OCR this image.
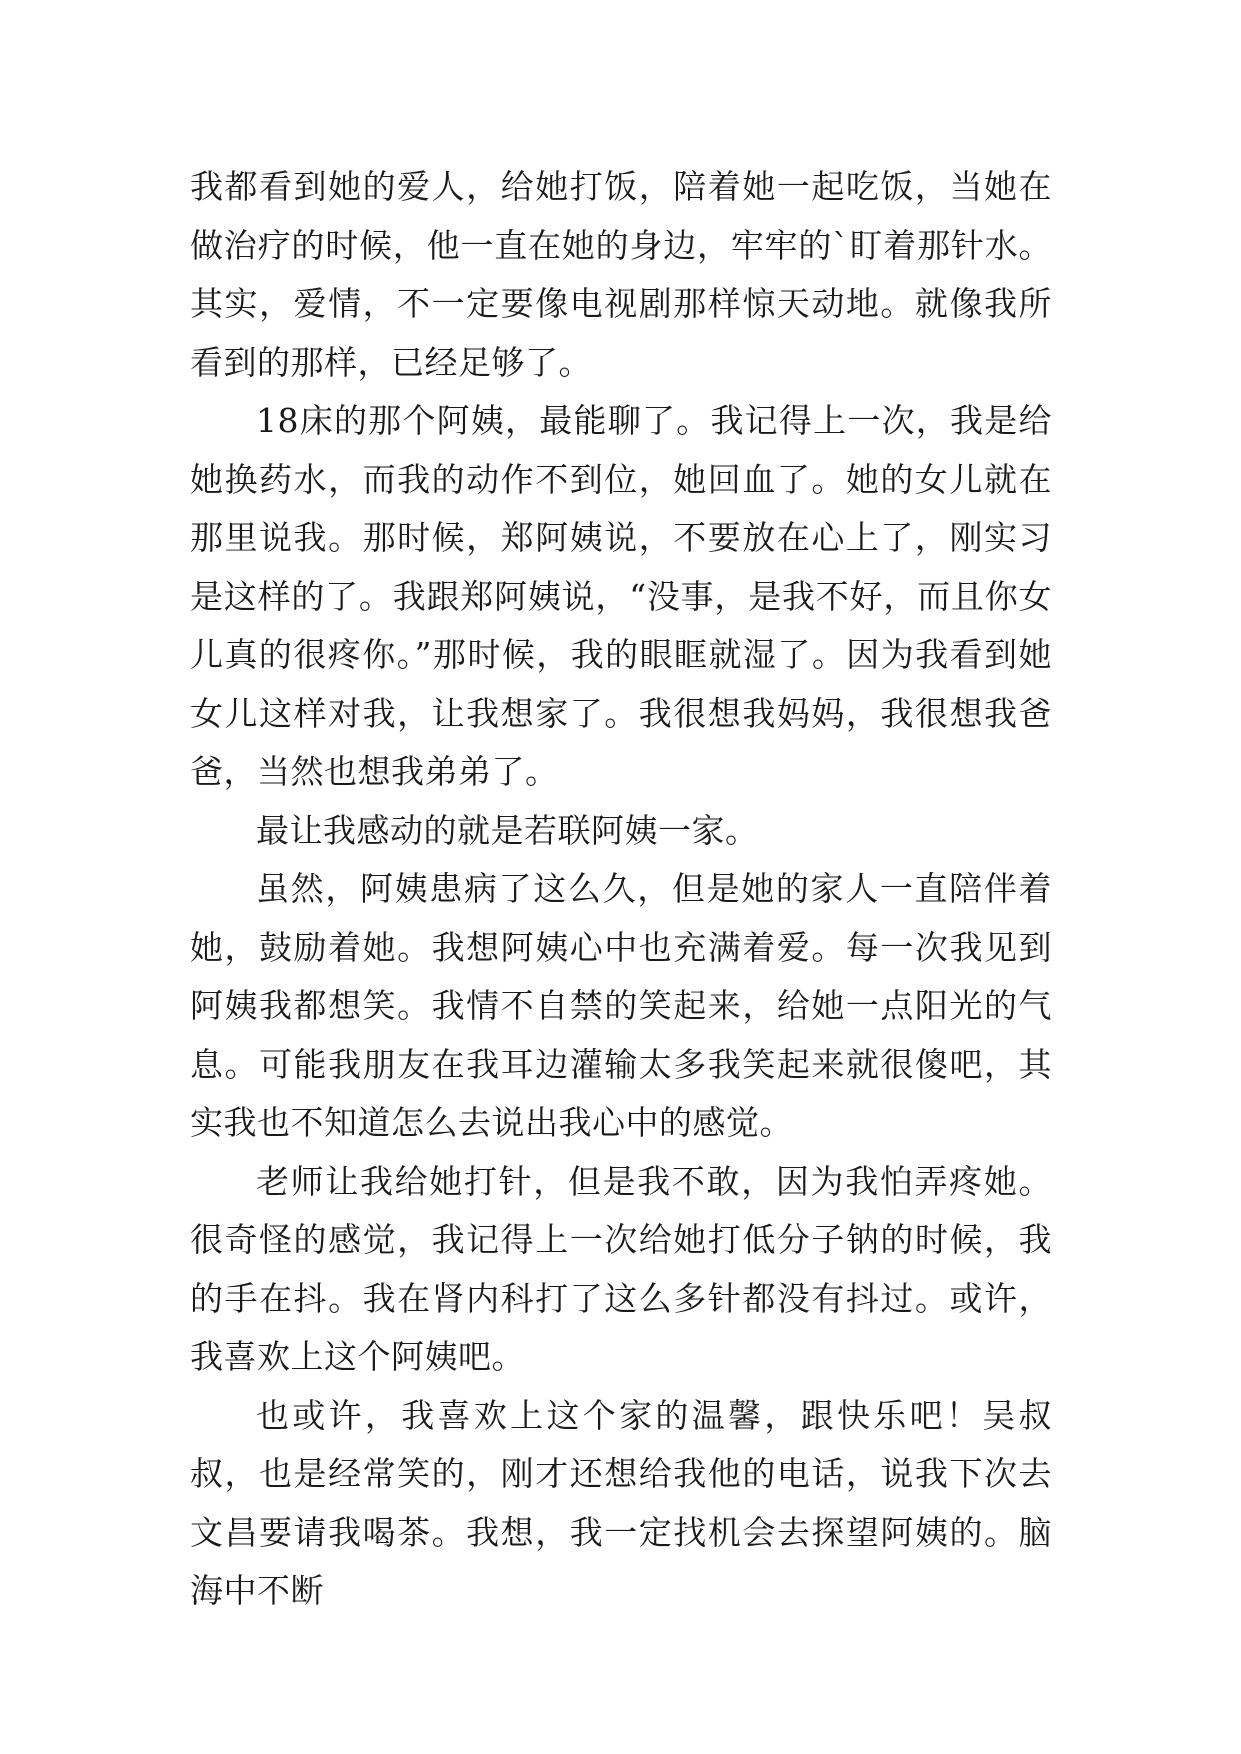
我都看到她的爱人，给她打饭，陪着她一起吃饭，当她在做治疗的时候，他一直在她的身边，牢牢的`盯着那针水。其实，爱情，不一定要像电视剧那样惊天动地。就像我所看到的那样，已经足够了。

18床的那个阿姨，最能聊了。我记得上一次，我是给她换药水，而我的动作不到位，她回血了。她的女儿就在那里说我。那时候，郑阿姨说，不要放在心上了，刚实习是这样的了。我跟郑阿姨说，“没事，是我不好，而且你女儿真的很疼你。”那时候，我的眼眶就湿了。因为我看到她女儿这样对我，让我想家了。我很想我妈妈，我很想我爸爸，当然也想我弟弟了。

最让我感动的就是若联阿姨一家。

虽然，阿姨患病了这么久，但是她的家人一直陪伴着她，鼓励着她。我想阿姨心中也充满着爱。每一次我见到阿姨我都想笑。我情不自禁的笑起来，给她一点阳光的气息。可能我朋友在我耳边灌输太多我笑起来就很傻吧，其实我也不知道怎么去说出我心中的感觉。

老师让我给她打针，但是我不敢，因为我怕弄疼她。很奇怪的感觉，我记得上一次给她打低分子钠的时候，我的手在抖。我在肾内科打了这么多针都没有抖过。或许，我喜欢上这个阿姨吧。

也或许，我喜欢上这个家的温馨，跟快乐吧！吴叔叔，也是经常笑的，刚才还想给我他的电话，说我下次去文昌要请我喝茶。我想，我一定找机会去探望阿姨的。脑海中不断
